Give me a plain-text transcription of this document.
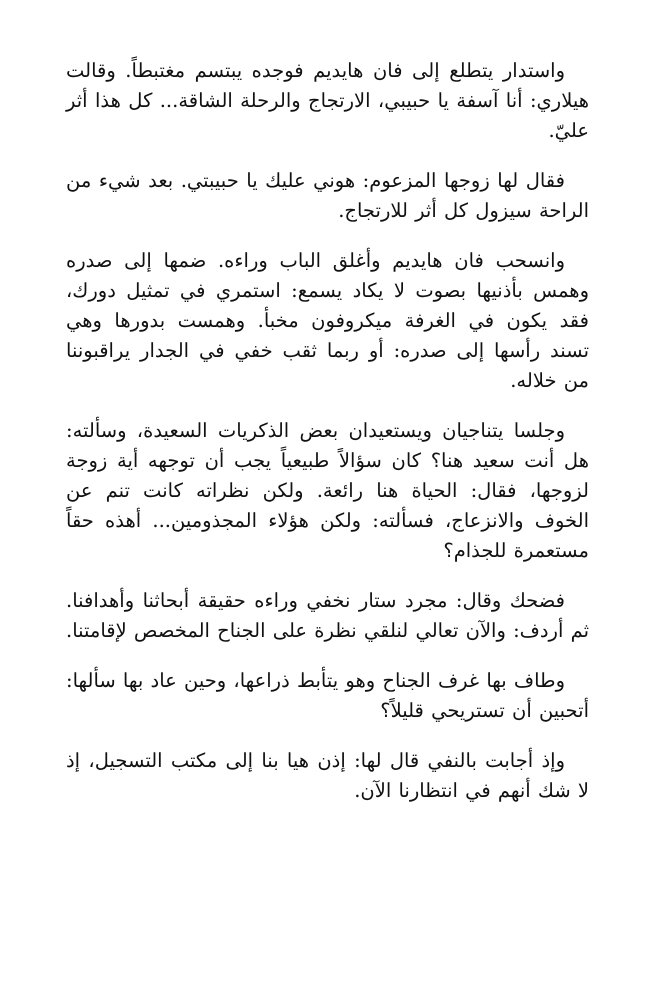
واستدار يتطلع إلى فان هايديم فوجده يبتسم مغتبطاً. وقالت هيلاري: أنا آسفة يا حبيبي، الارتجاج والرحلة الشاقة... كل هذا أثر عليّ.

فقال لها زوجها المزعوم: هوني عليك يا حبيبتي. بعد شيء من الراحة سيزول كل أثر للارتجاج.

وانسحب فان هايديم وأغلق الباب وراءه. ضمها إلى صدره وهمس بأذنيها بصوت لا يكاد يسمع: استمري في تمثيل دورك، فقد يكون في الغرفة ميكروفون مخبأ. وهمست بدورها وهي تسند رأسها إلى صدره: أو ربما ثقب خفي في الجدار يراقبوننا من خلاله.

وجلسا يتناجيان ويستعيدان بعض الذكريات السعيدة، وسألته: هل أنت سعيد هنا؟ كان سؤالاً طبيعياً يجب أن توجهه أية زوجة لزوجها، فقال: الحياة هنا رائعة. ولكن نظراته كانت تنم عن الخوف والانزعاج، فسألته: ولكن هؤلاء المجذومين... أهذه حقاً مستعمرة للجذام؟

فضحك وقال: مجرد ستار نخفي وراءه حقيقة أبحاثنا وأهدافنا. ثم أردف: والآن تعالي لنلقي نظرة على الجناح المخصص لإقامتنا.

وطاف بها غرف الجناح وهو يتأبط ذراعها، وحين عاد بها سألها: أتحبين أن تستريحي قليلاً؟

وإذ أجابت بالنفي قال لها: إذن هيا بنا إلى مكتب التسجيل، إذ لا شك أنهم في انتظارنا الآن.
